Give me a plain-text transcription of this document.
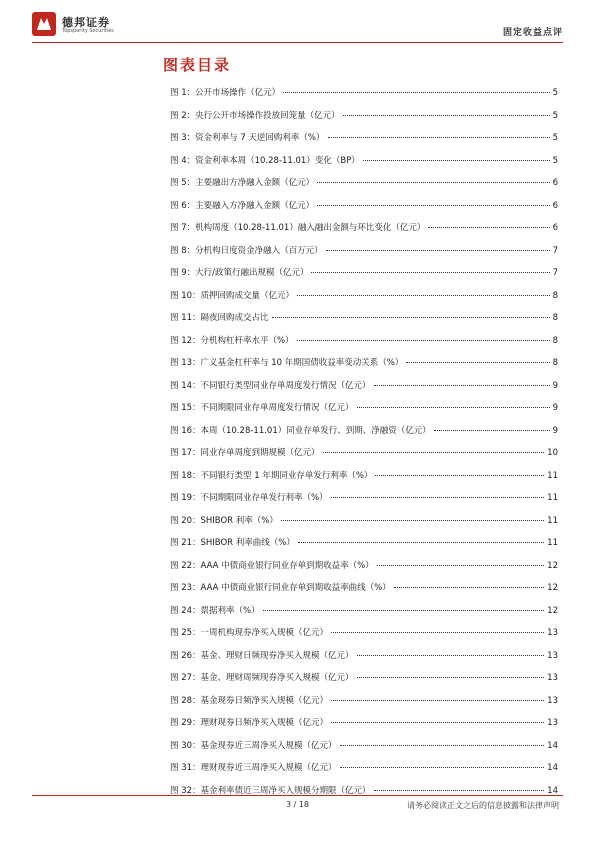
德邦证券
Topsperity Securities	固定收益点评
图表目录
图 1：公开市场操作（亿元）	5
图 2：央行公开市场操作投放回笼量（亿元）	5
图 3：资金利率与 7 天逆回购利率（%）	5
图 4：资金利率本周（10.28-11.01）变化（BP）	5
图 5：主要融出方净融入金额（亿元）	6
图 6：主要融入方净融入金额（亿元）	6
图 7：机构周度（10.28-11.01）融入融出金额与环比变化（亿元）	6
图 8：分机构日度资金净融入（百万元）	7
图 9：大行/政策行融出规模（亿元）	7
图 10：质押回购成交量（亿元）	8
图 11：隔夜回购成交占比	8
图 12：分机构杠杆率水平（%）	8
图 13：广义基金杠杆率与 10 年期国债收益率变动关系（%）	8
图 14：不同银行类型同业存单周度发行情况（亿元）	9
图 15：不同期限同业存单周度发行情况（亿元）	9
图 16：本周（10.28-11.01）同业存单发行、到期、净融资（亿元）	9
图 17：同业存单周度到期规模（亿元）	10
图 18：不同银行类型 1 年期同业存单发行利率（%）	11
图 19：不同期限同业存单发行利率（%）	11
图 20：SHIBOR 利率（%）	11
图 21：SHIBOR 利率曲线（%）	11
图 22：AAA 中债商业银行同业存单到期收益率（%）	12
图 23：AAA 中债商业银行同业存单到期收益率曲线（%）	12
图 24：票据利率（%）	12
图 25：一周机构现券净买入规模（亿元）	13
图 26：基金、理财日频现券净买入规模（亿元）	13
图 27：基金、理财周频现券净买入规模（亿元）	13
图 28：基金现券日频净买入规模（亿元）	13
图 29：理财现券日频净买入规模（亿元）	13
图 30：基金现券近三周净买入规模（亿元）	14
图 31：理财现券近三周净买入规模（亿元）	14
图 32：基金利率债近三周净买入规模分期限（亿元）	14
3 / 18	请务必阅读正文之后的信息披露和法律声明
